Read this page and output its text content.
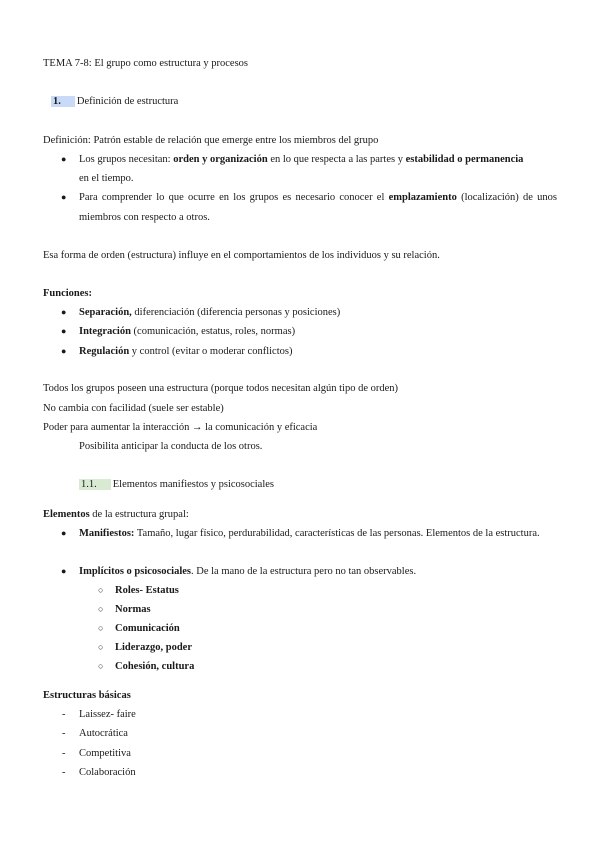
TEMA 7-8: El grupo como estructura y procesos
1. Definición de estructura
Definición: Patrón estable de relación que emerge entre los miembros del grupo
● Los grupos necesitan: orden y organización en lo que respecta a las partes y estabilidad o permanencia
en el tiempo.
● Para comprender lo que ocurre en los grupos es necesario conocer el emplazamiento (localización) de unos miembros con respecto a otros.
Esa forma de orden (estructura) influye en el comportamientos de los individuos y su relación.
Funciones:
● Separación, diferenciación (diferencia personas y posiciones)
● Integración (comunicación, estatus, roles, normas)
● Regulación y control (evitar o moderar conflictos)
Todos los grupos poseen una estructura (porque todos necesitan algún tipo de orden)
No cambia con facilidad (suele ser estable)
Poder para aumentar la interacción → la comunicación y eficacia
Posibilita anticipar la conducta de los otros.
1.1. Elementos manifiestos y psicosociales
Elementos de la estructura grupal:
● Manifiestos: Tamaño, lugar físico, perdurabilidad, características de las personas. Elementos de la estructura.
● Implícitos o psicosociales. De la mano de la estructura pero no tan observables.
○ Roles- Estatus
○ Normas
○ Comunicación
○ Liderazgo, poder
○ Cohesión, cultura
Estructuras básicas
- Laissez- faire
- Autocrática
- Competitiva
- Colaboración
